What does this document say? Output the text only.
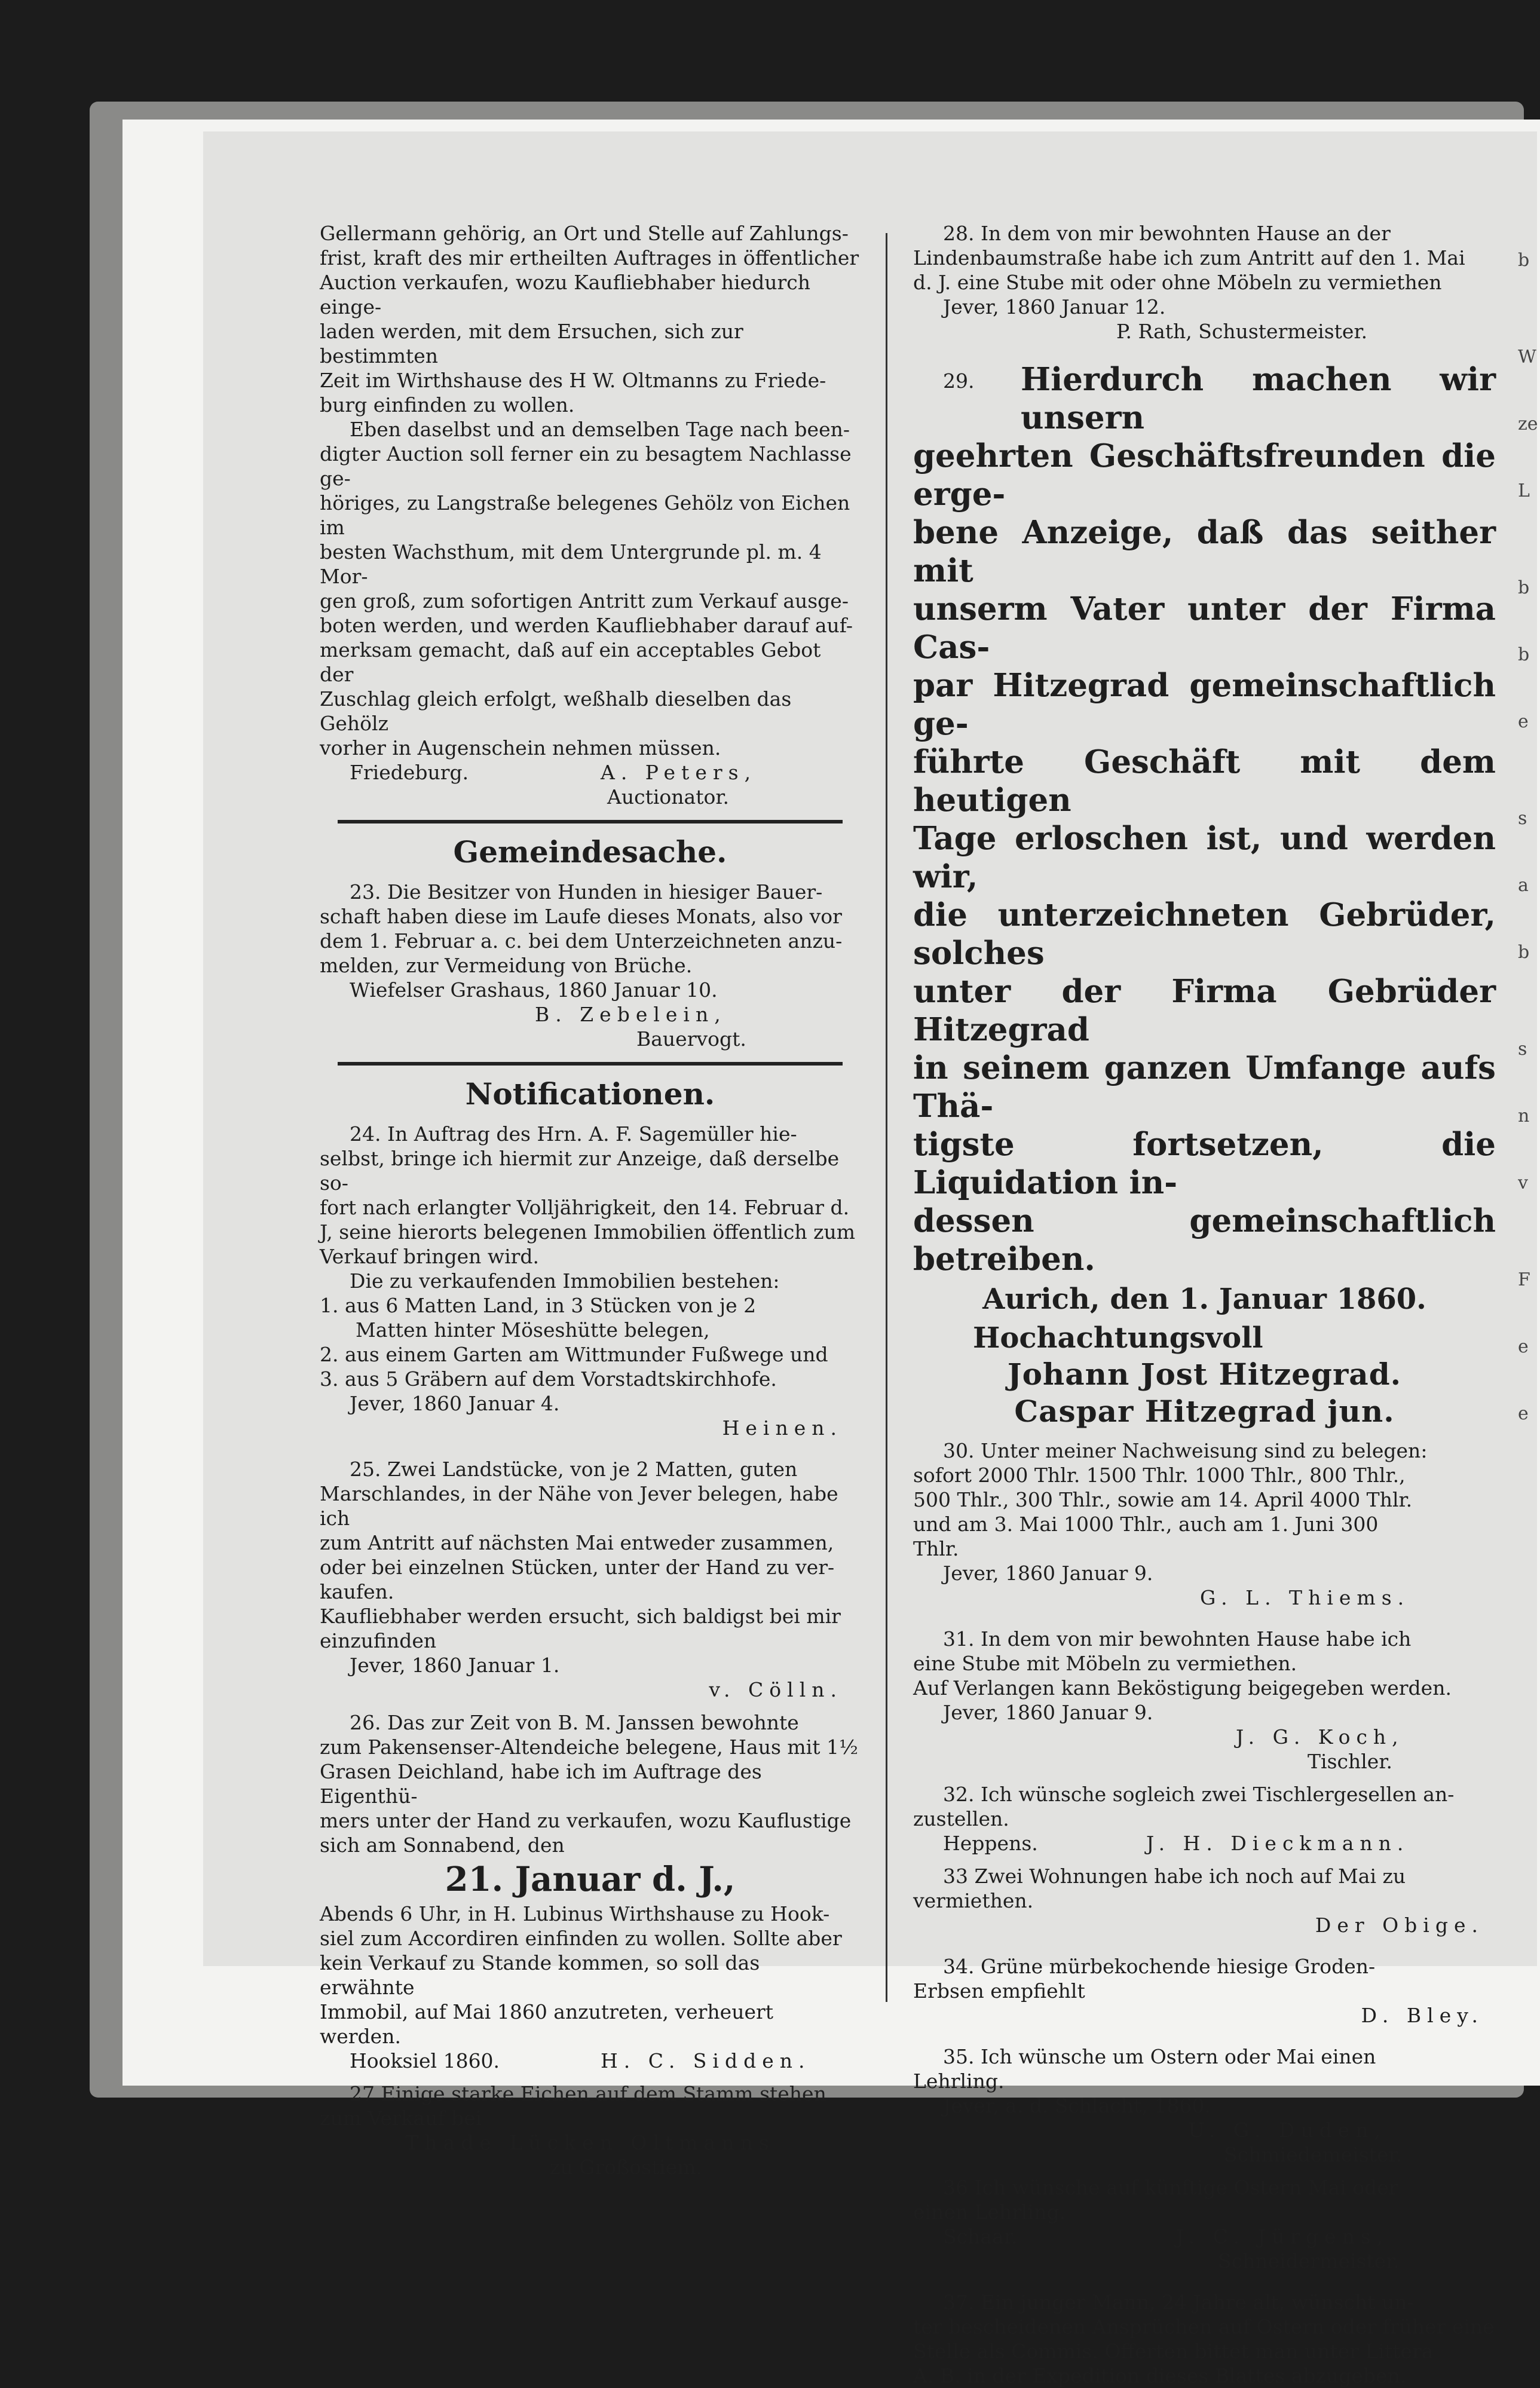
b
W
ze
L
b
b
e
s
a
b
s
n
v
F
e
e

Gellermann gehörig, an Ort und Stelle auf Zahlungs-

frist, kraft des mir ertheilten Auftrages in öffentlicher

Auction verkaufen, wozu Kaufliebhaber hiedurch einge-

laden werden, mit dem Ersuchen, sich zur bestimmten

Zeit im Wirthshause des H W. Oltmanns zu Friede-

burg einfinden zu wollen.

Eben daselbst und an demselben Tage nach been-

digter Auction soll ferner ein zu besagtem Nachlasse ge-

höriges, zu Langstraße belegenes Gehölz von Eichen im

besten Wachsthum, mit dem Untergrunde pl. m. 4 Mor-

gen groß, zum sofortigen Antritt zum Verkauf ausge-

boten werden, und werden Kaufliebhaber darauf auf-

merksam gemacht, daß auf ein acceptables Gebot der

Zuschlag gleich erfolgt, weßhalb dieselben das Gehölz

vorher in Augenschein nehmen müssen.

Friedeburg.	A. Peters,

Auctionator.

Gemeindesache.

23. Die Besitzer von Hunden in hiesiger Bauer-

schaft haben diese im Laufe dieses Monats, also vor

dem 1. Februar a. c. bei dem Unterzeichneten anzu-

melden, zur Vermeidung von Brüche.

Wiefelser Grashaus, 1860 Januar 10.

B. Zebelein,

Bauervogt.

Notificationen.

24. In Auftrag des Hrn. A. F. Sagemüller hie-

selbst, bringe ich hiermit zur Anzeige, daß derselbe so-

fort nach erlangter Volljährigkeit, den 14. Februar d.

J, seine hierorts belegenen Immobilien öffentlich zum

Verkauf bringen wird.

Die zu verkaufenden Immobilien bestehen:

1. aus 6 Matten Land, in 3 Stücken von je 2

Matten hinter Möseshütte belegen,

2. aus einem Garten am Wittmunder Fußwege und

3. aus 5 Gräbern auf dem Vorstadtskirchhofe.

Jever, 1860 Januar 4.

Heinen.

25. Zwei Landstücke, von je 2 Matten, guten

Marschlandes, in der Nähe von Jever belegen, habe ich

zum Antritt auf nächsten Mai entweder zusammen,

oder bei einzelnen Stücken, unter der Hand zu ver-

kaufen.

Kaufliebhaber werden ersucht, sich baldigst bei mir

einzufinden

Jever, 1860 Januar 1.

v. Cölln.

26. Das zur Zeit von B. M. Janssen bewohnte

zum Pakensenser-Altendeiche belegene, Haus mit 1½

Grasen Deichland, habe ich im Auftrage des Eigenthü-

mers unter der Hand zu verkaufen, wozu Kauflustige

sich am Sonnabend, den

21. Januar d. J.,

Abends 6 Uhr, in H. Lubinus Wirthshause zu Hook-

siel zum Accordiren einfinden zu wollen. Sollte aber

kein Verkauf zu Stande kommen, so soll das erwähnte

Immobil, auf Mai 1860 anzutreten, verheuert werden.

Hooksiel 1860.	H. C. Sidden.

27 Einige starke Eichen auf dem Stamm stehen

zum Verkauf bei

Thade Lücken Oltmanns

zu Großostiem.

28. In dem von mir bewohnten Hause an der

Lindenbaumstraße habe ich zum Antritt auf den 1. Mai

d. J. eine Stube mit oder ohne Möbeln zu vermiethen

Jever, 1860 Januar 12.

P. Rath, Schustermeister.

29.	Hierdurch machen wir unsern

geehrten Geschäftsfreunden die erge-

bene Anzeige, daß das seither mit

unserm Vater unter der Firma Cas-

par Hitzegrad gemeinschaftlich ge-

führte Geschäft mit dem heutigen

Tage erloschen ist, und werden wir,

die unterzeichneten Gebrüder, solches

unter der Firma Gebrüder Hitzegrad

in seinem ganzen Umfange aufs Thä-

tigste fortsetzen, die Liquidation in-

dessen gemeinschaftlich betreiben.

Aurich, den 1. Januar 1860.
Hochachtungsvoll
Johann Jost Hitzegrad.
Caspar Hitzegrad jun.

30. Unter meiner Nachweisung sind zu belegen:

sofort 2000 Thlr. 1500 Thlr. 1000 Thlr., 800 Thlr.,

500 Thlr., 300 Thlr., sowie am 14. April 4000 Thlr.

und am 3. Mai 1000 Thlr., auch am 1. Juni 300

Thlr.

Jever, 1860 Januar 9.

G. L. Thiems.

31. In dem von mir bewohnten Hause habe ich

eine Stube mit Möbeln zu vermiethen.

Auf Verlangen kann Beköstigung beigegeben werden.

Jever, 1860 Januar 9.

J. G. Koch,

Tischler.

32. Ich wünsche sogleich zwei Tischlergesellen an-

zustellen.

Heppens.	J. H. Dieckmann.

33 Zwei Wohnungen habe ich noch auf Mai zu

vermiethen.

Der Obige.

34. Grüne mürbekochende hiesige Groden-

Erbsen empfiehlt

D. Bley.

35. Ich wünsche um Ostern oder Mai einen

Lehrling.

Jever, a. d. Schlacht, 1860.

U. G. Duden,

Schmiedemeister.

36 Ich wünsche auf künftige Ostern Mai oder

einen Lehrling.

Schaar.	J. C. Jürgens,

Schneidermeister.

37. Ein junger Mann, 24 Jahre alt, wünscht un-

ter bescheidenen Ansprüchen auf Ostern oder früher eine

Stelle als Commis. Offerten bittet man unter Littera

A. B. in der Expedition dieses Blattes abzugeben.
